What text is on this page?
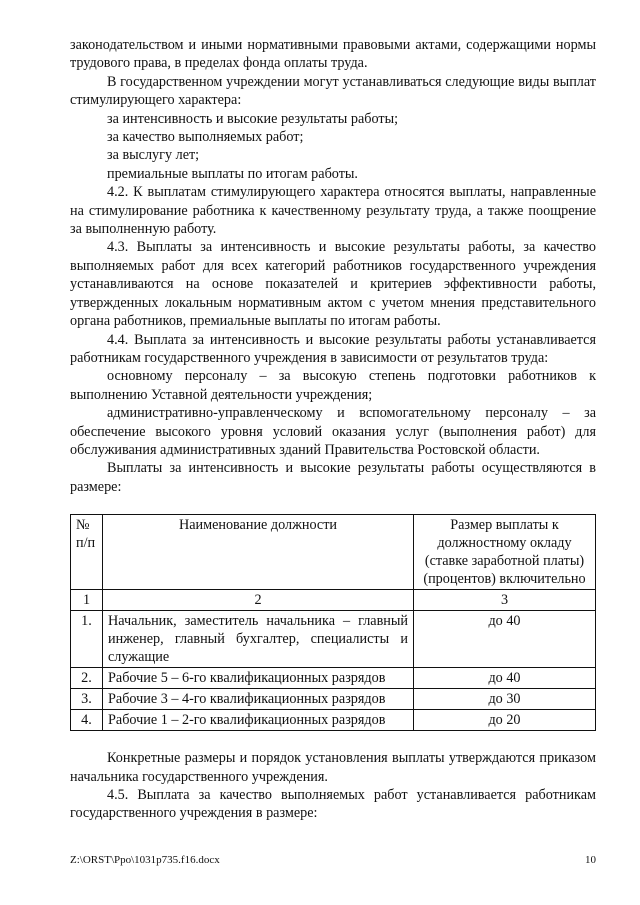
законодательством и иными нормативными правовыми актами, содержащими нормы трудового права, в пределах фонда оплаты труда.

В государственном учреждении могут устанавливаться следующие виды выплат стимулирующего характера:

за интенсивность и высокие результаты работы;

за качество выполняемых работ;

за выслугу лет;

премиальные выплаты по итогам работы.

4.2. К выплатам стимулирующего характера относятся выплаты, направленные на стимулирование работника к качественному результату труда, а также поощрение за выполненную работу.

4.3. Выплаты за интенсивность и высокие результаты работы, за качество выполняемых работ для всех категорий работников государственного учреждения устанавливаются на основе показателей и критериев эффективности работы, утвержденных локальным нормативным актом с учетом мнения представительного органа работников, премиальные выплаты по итогам работы.

4.4. Выплата за интенсивность и высокие результаты работы устанавливается работникам государственного учреждения в зависимости от результатов труда:

основному персоналу – за высокую степень подготовки работников к выполнению Уставной деятельности учреждения;

административно-управленческому и вспомогательному персоналу – за обеспечение высокого уровня условий оказания услуг (выполнения работ) для обслуживания административных зданий Правительства Ростовской области.

Выплаты за интенсивность и высокие результаты работы осуществляются в размере:

№ п/п	Наименование должности	Размер выплаты к должностному окладу (ставке заработной платы) (процентов) включительно
1	2	3
1.	Начальник, заместитель начальника – главный инженер, главный бухгалтер, специалисты и служащие	до 40
2.	Рабочие 5 – 6-го квалификационных разрядов	до 40
3.	Рабочие 3 – 4-го квалификационных разрядов	до 30
4.	Рабочие 1 – 2-го квалификационных разрядов	до 20

Конкретные размеры и порядок установления выплаты утверждаются приказом начальника государственного учреждения.

4.5. Выплата за качество выполняемых работ устанавливается работникам государственного учреждения в размере:

Z:\ORST\Ppo\1031p735.f16.docx	10
